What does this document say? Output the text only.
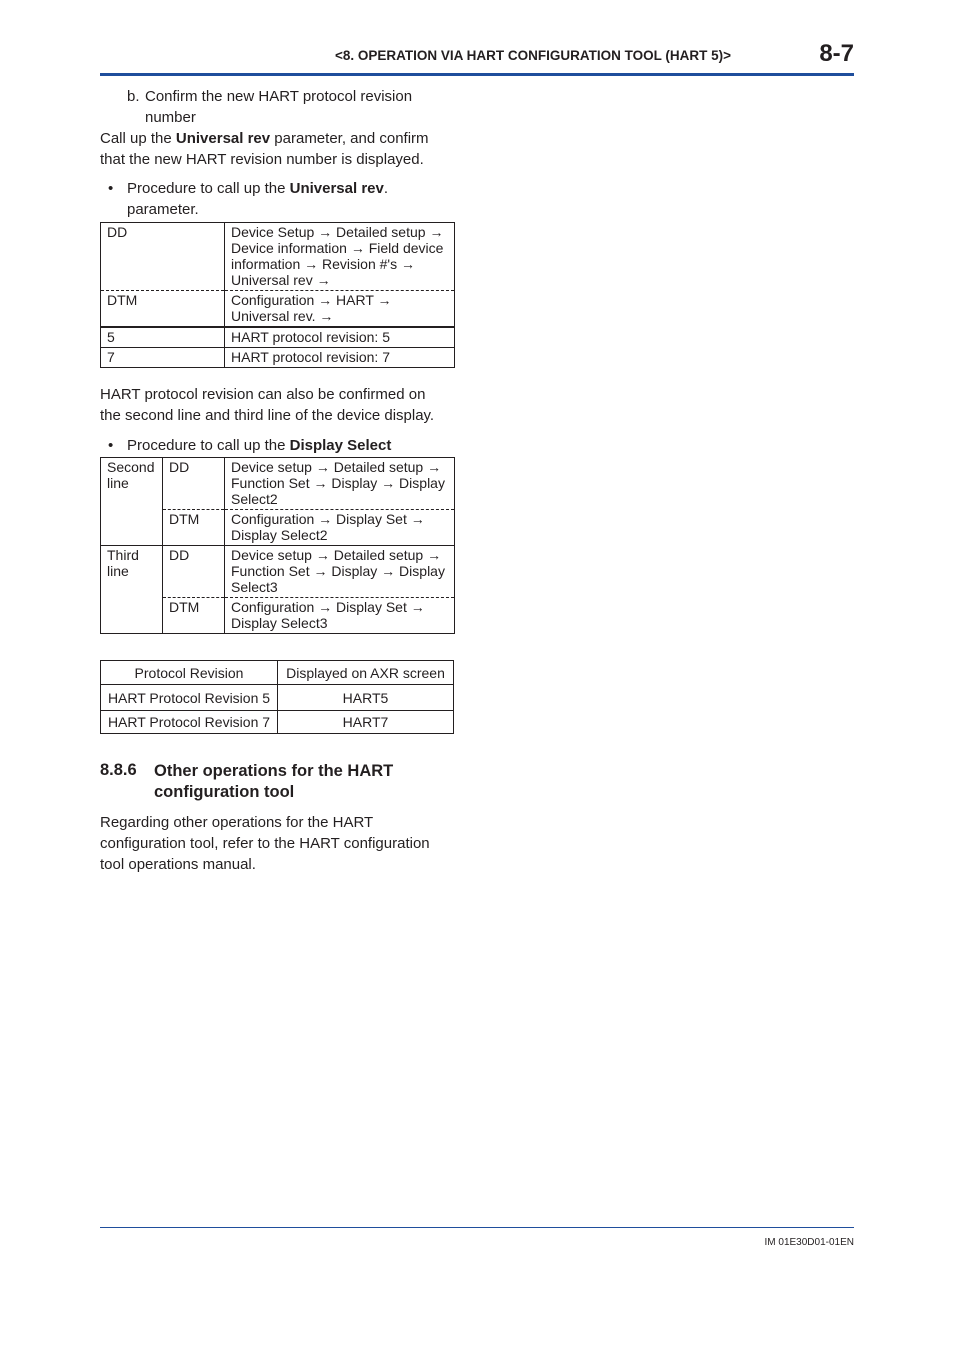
<8. OPERATION VIA HART CONFIGURATION TOOL (HART 5)>	8-7
b. Confirm the new HART protocol revision number
Call up the Universal rev parameter, and confirm that the new HART revision number is displayed.
• Procedure to call up the Universal rev. parameter.
DD	Device Setup → Detailed setup → Device information → Field device information → Revision #'s → Universal rev →
DTM	Configuration → HART → Universal rev. →
5	HART protocol revision: 5
7	HART protocol revision: 7
HART protocol revision can also be confirmed on the second line and third line of the device display.
• Procedure to call up the Display Select
Second line	DD	Device setup → Detailed setup → Function Set → Display → Display Select2
	DTM	Configuration → Display Set → Display Select2
Third line	DD	Device setup → Detailed setup → Function Set → Display → Display Select3
	DTM	Configuration → Display Set → Display Select3
Protocol Revision	Displayed on AXR screen
HART Protocol Revision 5	HART5
HART Protocol Revision 7	HART7
8.8.6 Other operations for the HART configuration tool
Regarding other operations for the HART configuration tool, refer to the HART configuration tool operations manual.
IM 01E30D01-01EN
